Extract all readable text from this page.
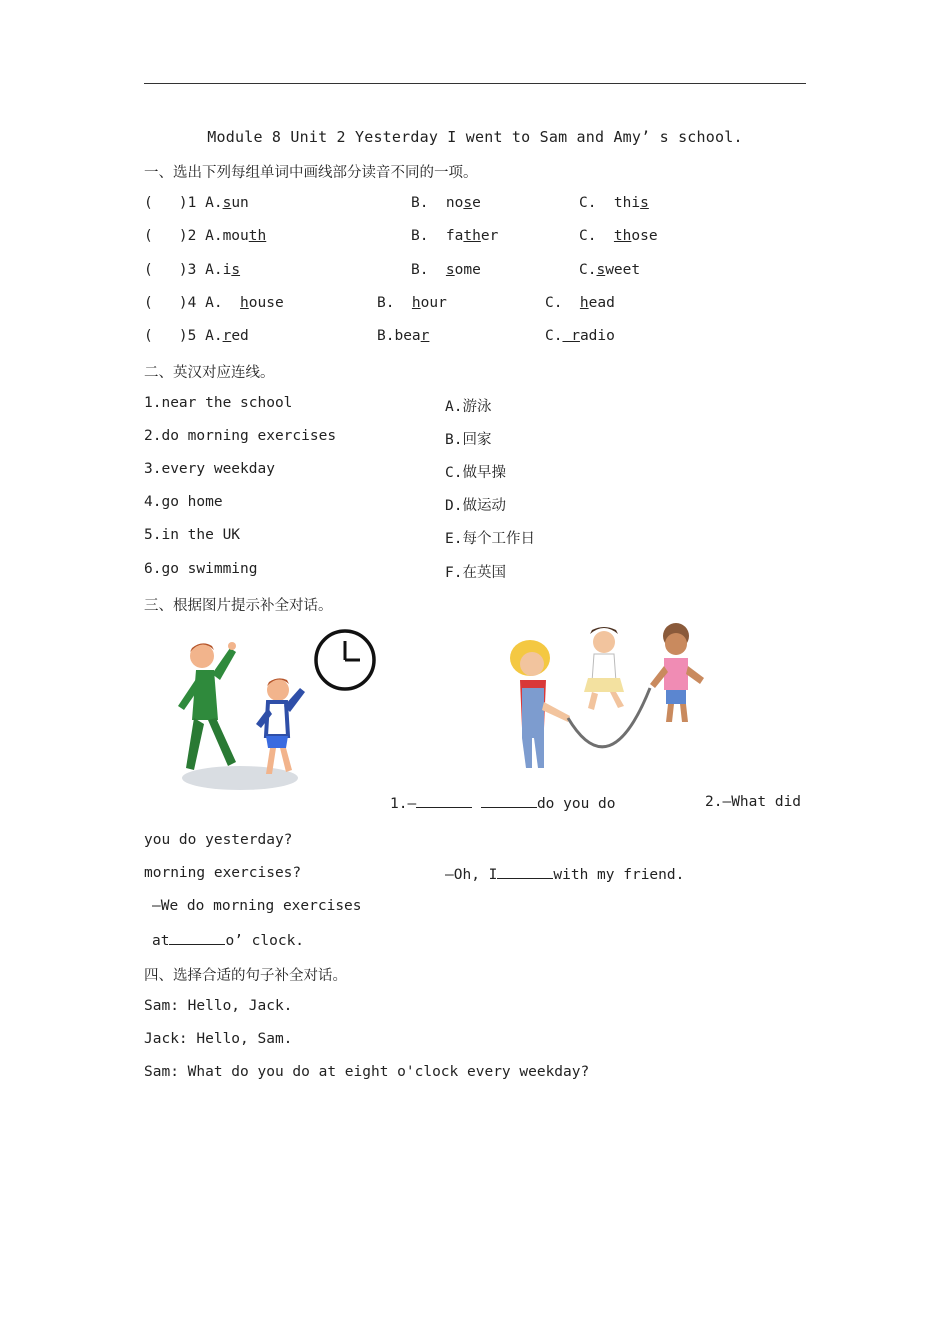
Module 8 Unit 2 Yesterday I went to Sam and Amy’ s school.
一、选出下列每组单词中画线部分读音不同的一项。
(   )1 A.sun	B.  nose	C.  this
(   )2 A.mouth	B.  father	C.  those
(   )3 A.is	B.  some	C.sweet
(   )4 A.  house	B.  hour	C.  head
(   )5 A.red	B.bear	C. radio
二、英汉对应连线。
1.near the school	A.游泳
2.do morning exercises	B.回家
3.every weekday	C.做早操
4.go home	D.做运动
5.in the UK	E.每个工作日
6.go swimming	F.在英国
三、根据图片提示补全对话。
1.—	do you do	2.—What did
you do yesterday?
morning exercises?	—Oh, I	with my friend.
—We do morning exercises
at	o’ clock.
四、选择合适的句子补全对话。
Sam: Hello, Jack.
Jack: Hello, Sam.
Sam: What do you do at eight o'clock every weekday?
